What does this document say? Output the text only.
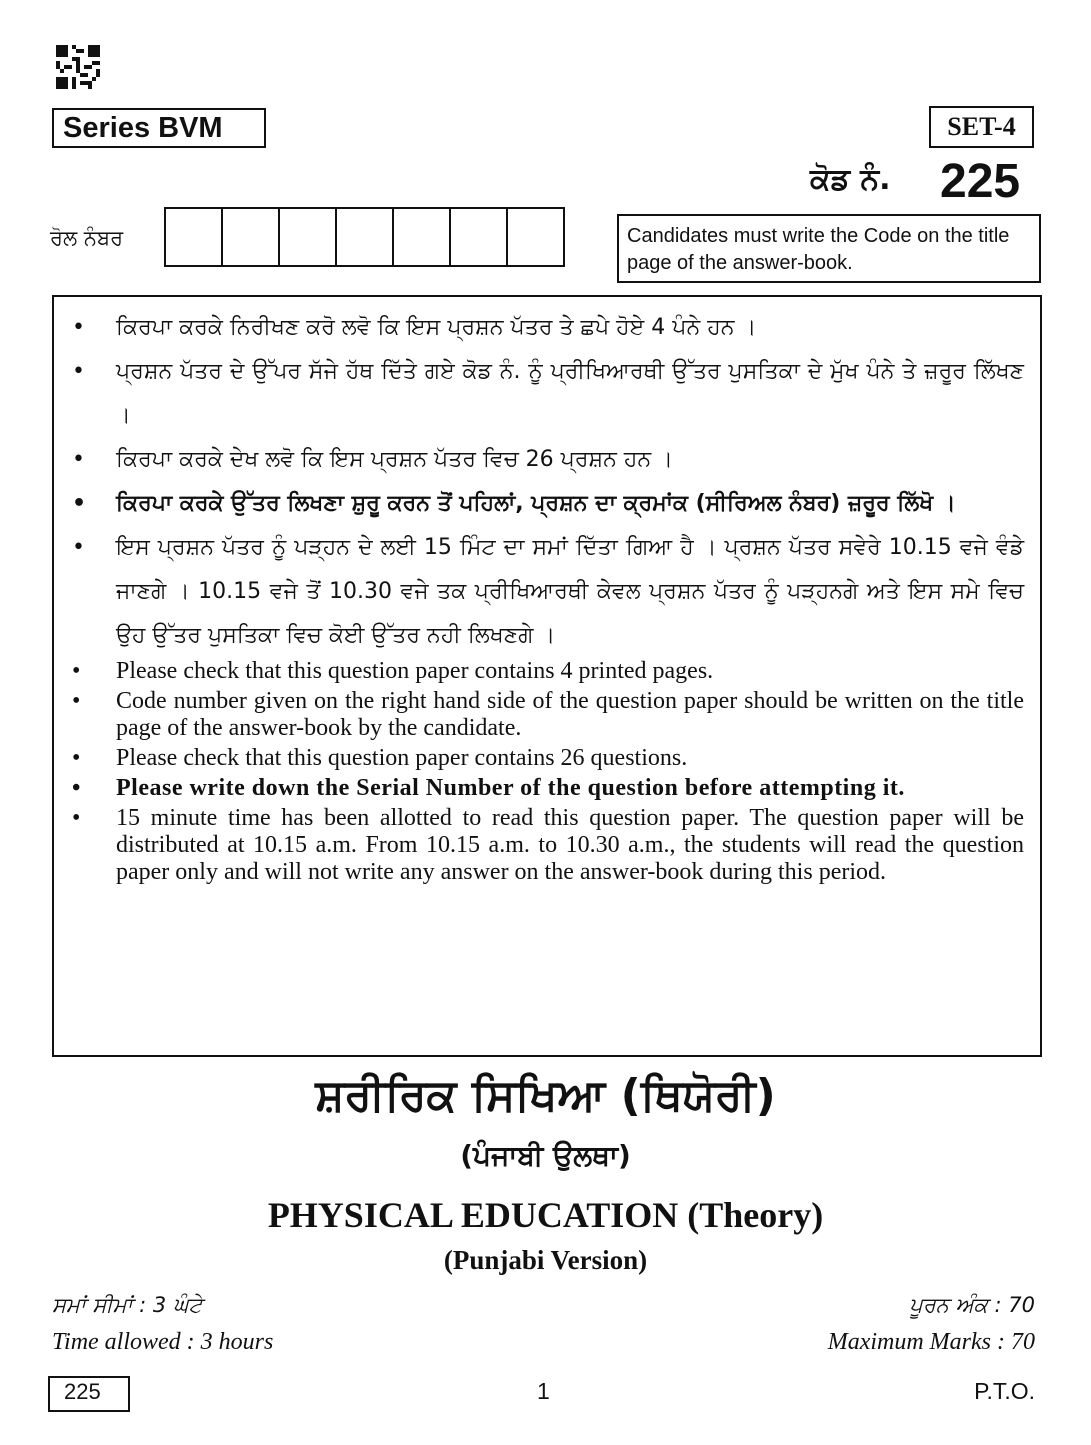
Series BVM	SET-4
ਕੋਡ ਨੰ. 225
ਰੋਲ ਨੰਬਰ	Candidates must write the Code on the title page of the answer-book.
• ਕਿਰਪਾ ਕਰਕੇ ਨਿਰੀਖਣ ਕਰੋ ਲਵੋ ਕਿ ਇਸ ਪ੍ਰਸ਼ਨ ਪੱਤਰ ਤੇ ਛਪੇ ਹੋਏ 4 ਪੰਨੇ ਹਨ ।
• ਪ੍ਰਸ਼ਨ ਪੱਤਰ ਦੇ ਉੱਪਰ ਸੱਜੇ ਹੱਥ ਦਿੱਤੇ ਗਏ ਕੋਡ ਨੰ. ਨੂੰ ਪ੍ਰੀਖਿਆਰਥੀ ਉੱਤਰ ਪੁਸਤਿਕਾ ਦੇ ਮੁੱਖ ਪੰਨੇ ਤੇ ਜ਼ਰੂਰ ਲਿੱਖਣ ।
• ਕਿਰਪਾ ਕਰਕੇ ਦੇਖ ਲਵੋ ਕਿ ਇਸ ਪ੍ਰਸ਼ਨ ਪੱਤਰ ਵਿਚ 26 ਪ੍ਰਸ਼ਨ ਹਨ ।
• ਕਿਰਪਾ ਕਰਕੇ ਉੱਤਰ ਲਿਖਣਾ ਸ਼ੁਰੂ ਕਰਨ ਤੋਂ ਪਹਿਲਾਂ, ਪ੍ਰਸ਼ਨ ਦਾ ਕ੍ਰਮਾਂਕ (ਸੀਰਿਅਲ ਨੰਬਰ) ਜ਼ਰੂਰ ਲਿੱਖੋ ।
• ਇਸ ਪ੍ਰਸ਼ਨ ਪੱਤਰ ਨੂੰ ਪੜ੍ਹਨ ਦੇ ਲਈ 15 ਮਿੰਟ ਦਾ ਸਮਾਂ ਦਿੱਤਾ ਗਿਆ ਹੈ । ਪ੍ਰਸ਼ਨ ਪੱਤਰ ਸਵੇਰੇ 10.15 ਵਜੇ ਵੰਡੇ ਜਾਣਗੇ । 10.15 ਵਜੇ ਤੋਂ 10.30 ਵਜੇ ਤਕ ਪ੍ਰੀਖਿਆਰਥੀ ਕੇਵਲ ਪ੍ਰਸ਼ਨ ਪੱਤਰ ਨੂੰ ਪੜ੍ਹਨਗੇ ਅਤੇ ਇਸ ਸਮੇ ਵਿਚ ਉਹ ਉੱਤਰ ਪੁਸਤਿਕਾ ਵਿਚ ਕੋਈ ਉੱਤਰ ਨਹੀ ਲਿਖਣਗੇ ।
• Please check that this question paper contains 4 printed pages.
• Code number given on the right hand side of the question paper should be written on the title page of the answer-book by the candidate.
• Please check that this question paper contains 26 questions.
• Please write down the Serial Number of the question before attempting it.
• 15 minute time has been allotted to read this question paper. The question paper will be distributed at 10.15 a.m. From 10.15 a.m. to 10.30 a.m., the students will read the question paper only and will not write any answer on the answer-book during this period.
ਸ਼ਰੀਰਿਕ ਸਿਖਿਆ (ਥਿਯੋਰੀ)
(ਪੰਜਾਬੀ ਉਲਥਾ)
PHYSICAL EDUCATION (Theory)
(Punjabi Version)
ਸਮਾਂ ਸੀਮਾਂ : 3 ਘੰਟੇ	ਪੂਰਨ ਅੰਕ : 70
Time allowed : 3 hours	Maximum Marks : 70
225	1	P.T.O.
